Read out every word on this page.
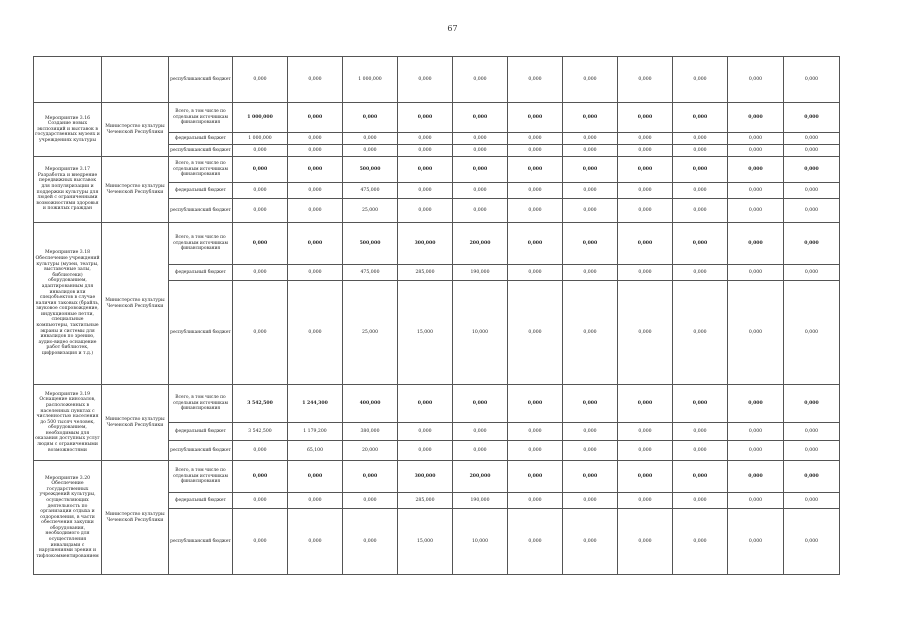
67
		республиканский бюджет	0,000	0,000	1 000,000	0,000	0,000	0,000	0,000	0,000	0,000	0,000	0,000
Мероприятие 3.16 Создание новых экспозиций и выставок в государственных музеях и учреждениях культуры	Министерство культуры Чеченской Республики	Всего, в том числе по отдельным источникам финансирования	1 000,000	0,000	0,000	0,000	0,000	0,000	0,000	0,000	0,000	0,000	0,000
		федеральный бюджет	1 000,000	0,000	0,000	0,000	0,000	0,000	0,000	0,000	0,000	0,000	0,000
		республиканский бюджет	0,000	0,000	0,000	0,000	0,000	0,000	0,000	0,000	0,000	0,000	0,000
Мероприятие 3.17 Разработка и внедрение передвижных выставок для популяризации и поддержки культуры для людей с ограниченными возможностями здоровья и пожилых граждан	Министерство культуры Чеченской Республики	Всего, в том числе по отдельным источникам финансирования	0,000	0,000	500,000	0,000	0,000	0,000	0,000	0,000	0,000	0,000	0,000
		федеральный бюджет	0,000	0,000	475,000	0,000	0,000	0,000	0,000	0,000	0,000	0,000	0,000
		республиканский бюджет	0,000	0,000	25,000	0,000	0,000	0,000	0,000	0,000	0,000	0,000	0,000
Мероприятие 3.18 Обеспечение учреждений культуры (музеи, театры, выставочные залы, библиотеки) оборудованием, адаптированным для инвалидов или спецобъектов в случае наличия таковых (брайль, звуковое сопровождение, индукционные петли, специальные компьютеры, тактильные экраны и системы для инвалидов по зрению, аудио-видео оснащение работ библиотек, цифровизация и т.д.)	Министерство культуры Чеченской Республики	Всего, в том числе по отдельным источникам финансирования	0,000	0,000	500,000	300,000	200,000	0,000	0,000	0,000	0,000	0,000	0,000
		федеральный бюджет	0,000	0,000	475,000	285,000	190,000	0,000	0,000	0,000	0,000	0,000	0,000
		республиканский бюджет	0,000	0,000	25,000	15,000	10,000	0,000	0,000	0,000	0,000	0,000	0,000
Мероприятие 3.19 Оснащение кинозалов, расположенных в населенных пунктах с численностью населения до 500 тысяч человек, оборудованием, необходимым для оказания доступных услуг людям с ограниченными возможностями	Министерство культуры Чеченской Республики	Всего, в том числе по отдельным источникам финансирования	3 542,500	1 244,300	400,000	0,000	0,000	0,000	0,000	0,000	0,000	0,000	0,000
		федеральный бюджет	3 542,500	1 179,200	380,000	0,000	0,000	0,000	0,000	0,000	0,000	0,000	0,000
		республиканский бюджет	0,000	65,100	20,000	0,000	0,000	0,000	0,000	0,000	0,000	0,000	0,000
Мероприятие 3.20 Обеспечение государственных учреждений культуры, осуществляющих деятельность по организации отдыха и оздоровления, в части обеспечения закупки оборудования, необходимого для осуществления инвалидами с нарушениями зрения и тифлокомментированием	Министерство культуры Чеченской Республики	Всего, в том числе по отдельным источникам финансирования	0,000	0,000	0,000	300,000	200,000	0,000	0,000	0,000	0,000	0,000	0,000
		федеральный бюджет	0,000	0,000	0,000	285,000	190,000	0,000	0,000	0,000	0,000	0,000	0,000
		республиканский бюджет	0,000	0,000	0,000	15,000	10,000	0,000	0,000	0,000	0,000	0,000	0,000
